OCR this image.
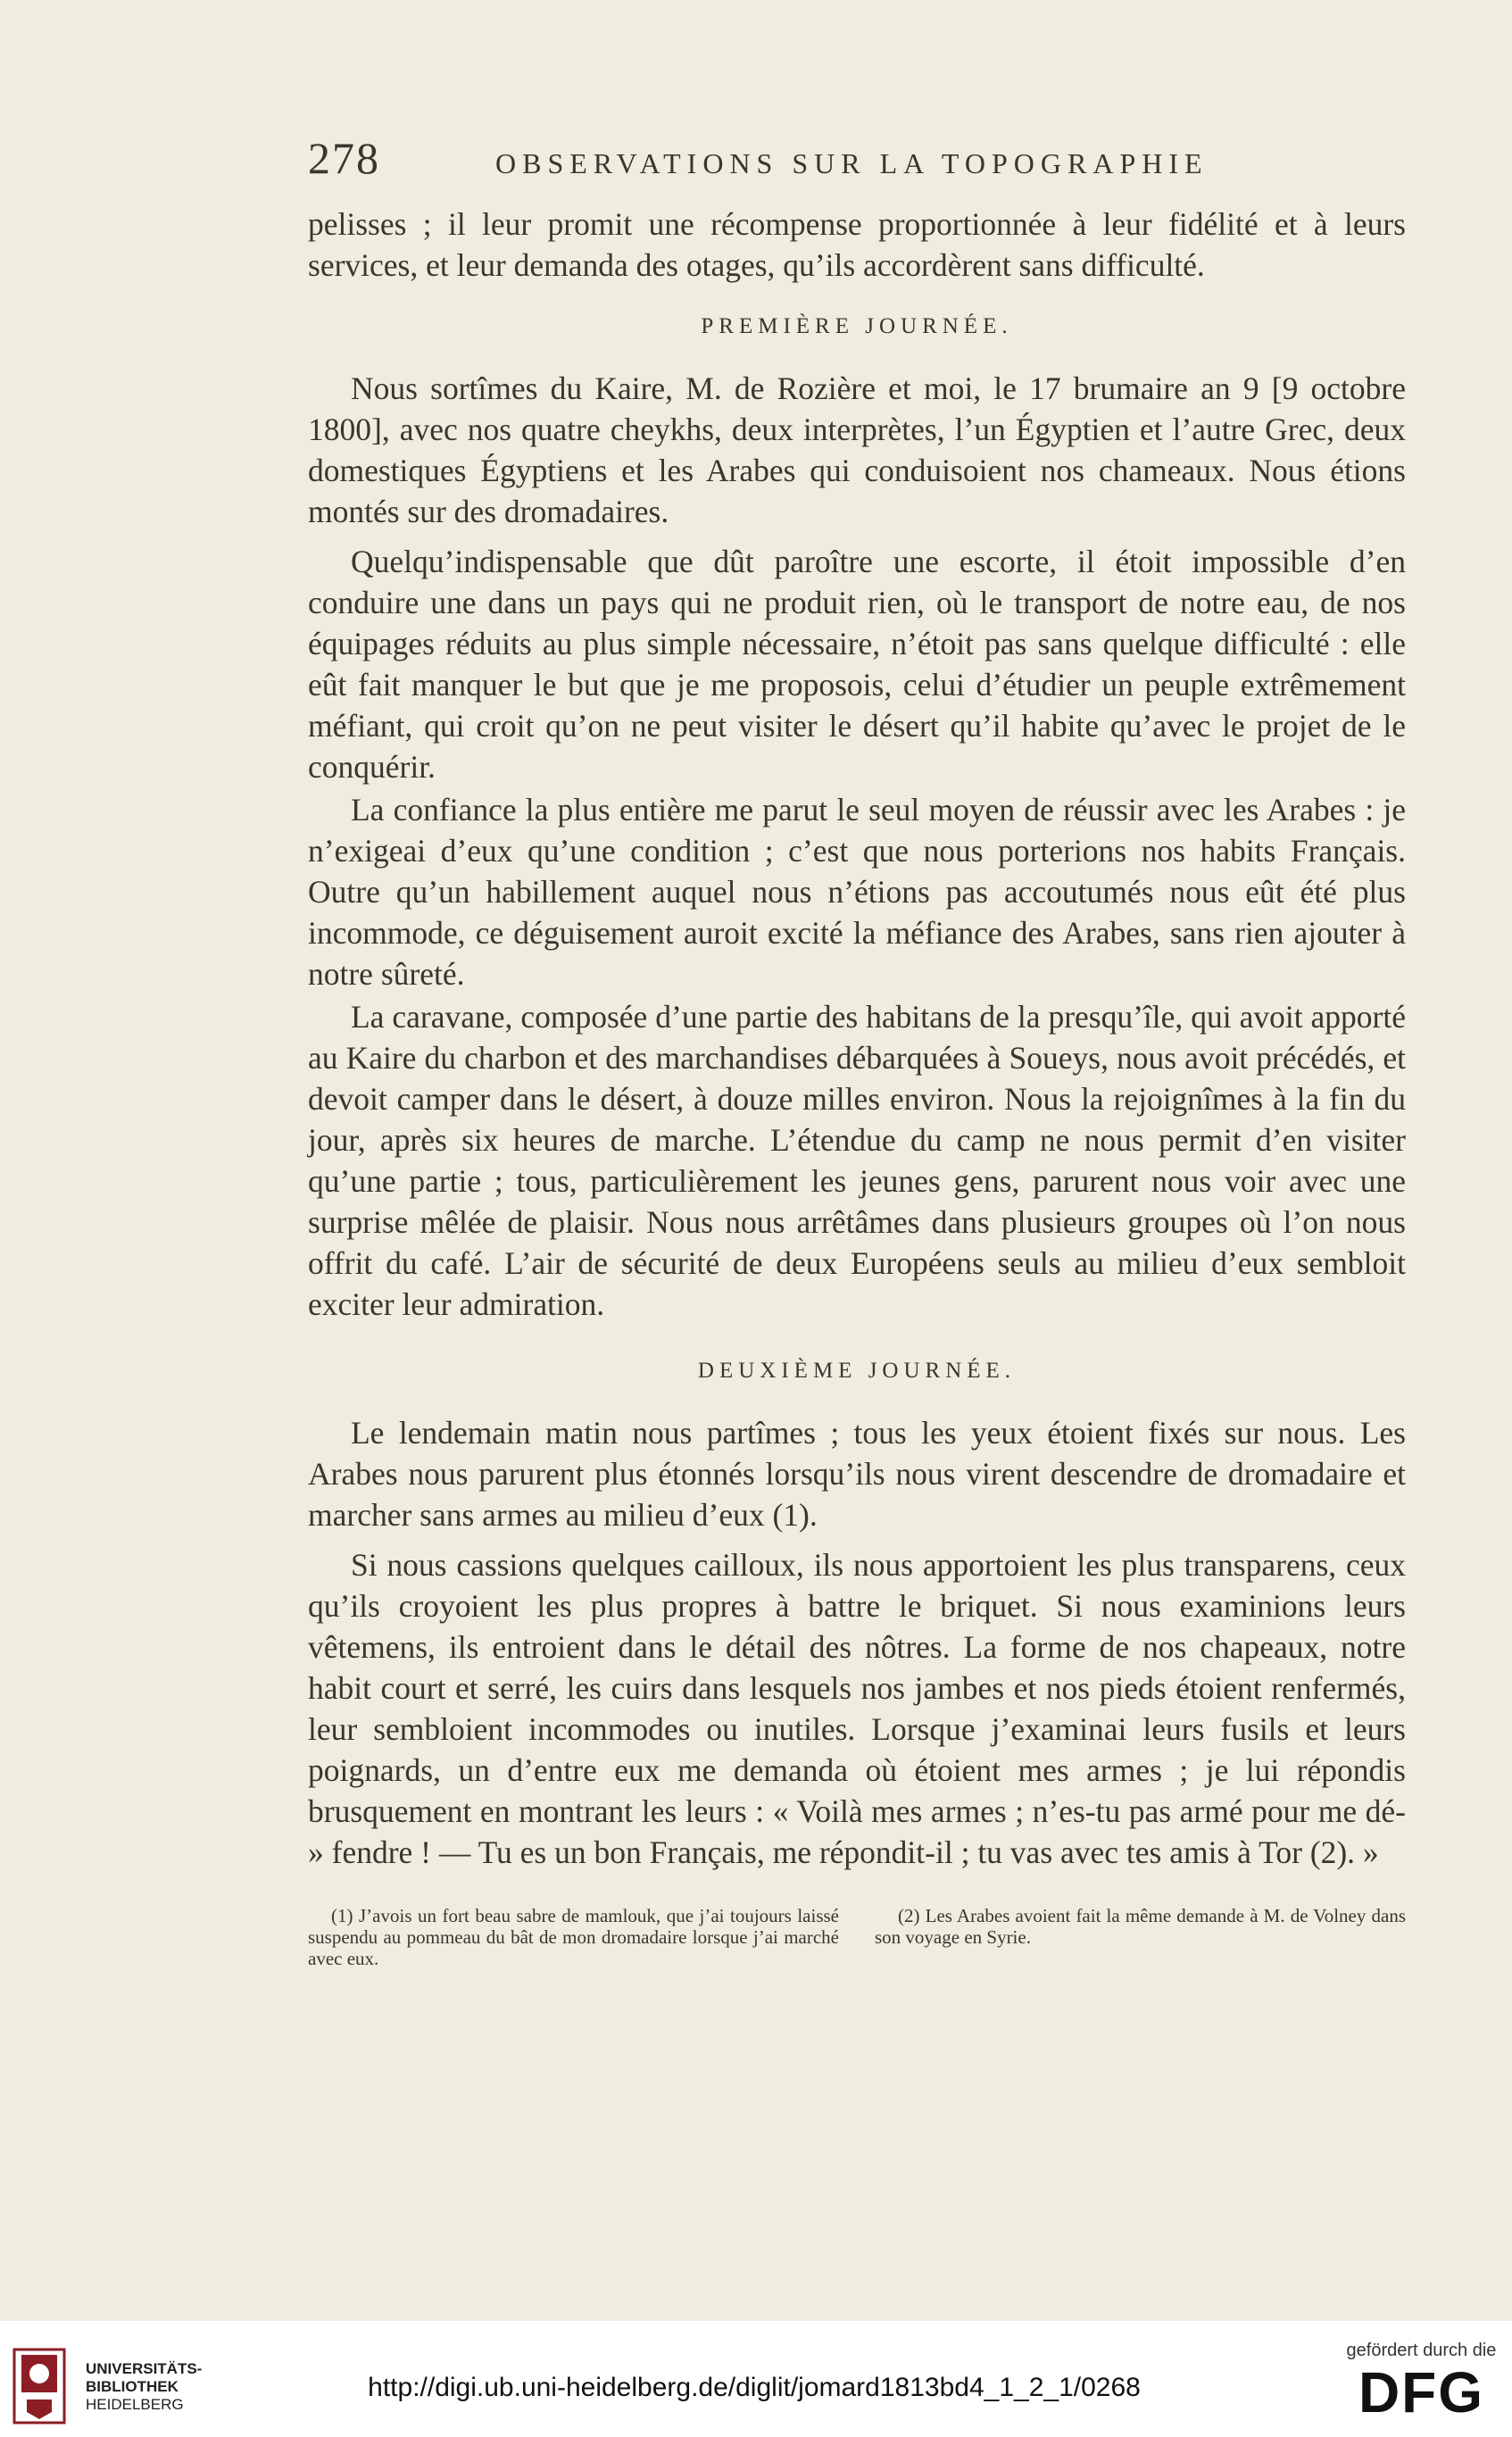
278	OBSERVATIONS SUR LA TOPOGRAPHIE

pelisses ; il leur promit une récompense proportionnée à leur fidélité et à leurs services, et leur demanda des otages, qu’ils accordèrent sans difficulté.

PREMIÈRE JOURNÉE.

Nous sortîmes du Kaire, M. de Rozière et moi, le 17 brumaire an 9 [9 octobre 1800], avec nos quatre cheykhs, deux interprètes, l’un Égyptien et l’autre Grec, deux domestiques Égyptiens et les Arabes qui conduisoient nos chameaux. Nous étions montés sur des dromadaires.

Quelqu’indispensable que dût paroître une escorte, il étoit impossible d’en conduire une dans un pays qui ne produit rien, où le transport de notre eau, de nos équipages réduits au plus simple nécessaire, n’étoit pas sans quelque difficulté : elle eût fait manquer le but que je me proposois, celui d’étudier un peuple extrêmement méfiant, qui croit qu’on ne peut visiter le désert qu’il habite qu’avec le projet de le conquérir.

La confiance la plus entière me parut le seul moyen de réussir avec les Arabes : je n’exigeai d’eux qu’une condition ; c’est que nous porterions nos habits Français. Outre qu’un habillement auquel nous n’étions pas accoutumés nous eût été plus incommode, ce déguisement auroit excité la méfiance des Arabes, sans rien ajouter à notre sûreté.

La caravane, composée d’une partie des habitans de la presqu’île, qui avoit apporté au Kaire du charbon et des marchandises débarquées à Soueys, nous avoit précédés, et devoit camper dans le désert, à douze milles environ. Nous la rejoignîmes à la fin du jour, après six heures de marche. L’étendue du camp ne nous permit d’en visiter qu’une partie ; tous, particulièrement les jeunes gens, parurent nous voir avec une surprise mêlée de plaisir. Nous nous arrêtâmes dans plusieurs groupes où l’on nous offrit du café. L’air de sécurité de deux Européens seuls au milieu d’eux sembloit exciter leur admiration.

DEUXIÈME JOURNÉE.

Le lendemain matin nous partîmes ; tous les yeux étoient fixés sur nous. Les Arabes nous parurent plus étonnés lorsqu’ils nous virent descendre de dromadaire et marcher sans armes au milieu d’eux (1).

Si nous cassions quelques cailloux, ils nous apportoient les plus transparens, ceux qu’ils croyoient les plus propres à battre le briquet. Si nous examinions leurs vêtemens, ils entroient dans le détail des nôtres. La forme de nos chapeaux, notre habit court et serré, les cuirs dans lesquels nos jambes et nos pieds étoient renfermés, leur sembloient incommodes ou inutiles. Lorsque j’examinai leurs fusils et leurs poignards, un d’entre eux me demanda où étoient mes armes ; je lui répondis brusquement en montrant les leurs : « Voilà mes armes ; n’es-tu pas armé pour me dé- » fendre ! — Tu es un bon Français, me répondit-il ; tu vas avec tes amis à Tor (2). »

(1) J’avois un fort beau sabre de mamlouk, que j’ai toujours laissé suspendu au pommeau du bât de mon dromadaire lorsque j’ai marché avec eux.

(2) Les Arabes avoient fait la même demande à M. de Volney dans son voyage en Syrie.

UNIVERSITÄTS-
BIBLIOTHEK
HEIDELBERG
http://digi.ub.uni-heidelberg.de/diglit/jomard1813bd4_1_2_1/0268
gefördert durch die
DFG
